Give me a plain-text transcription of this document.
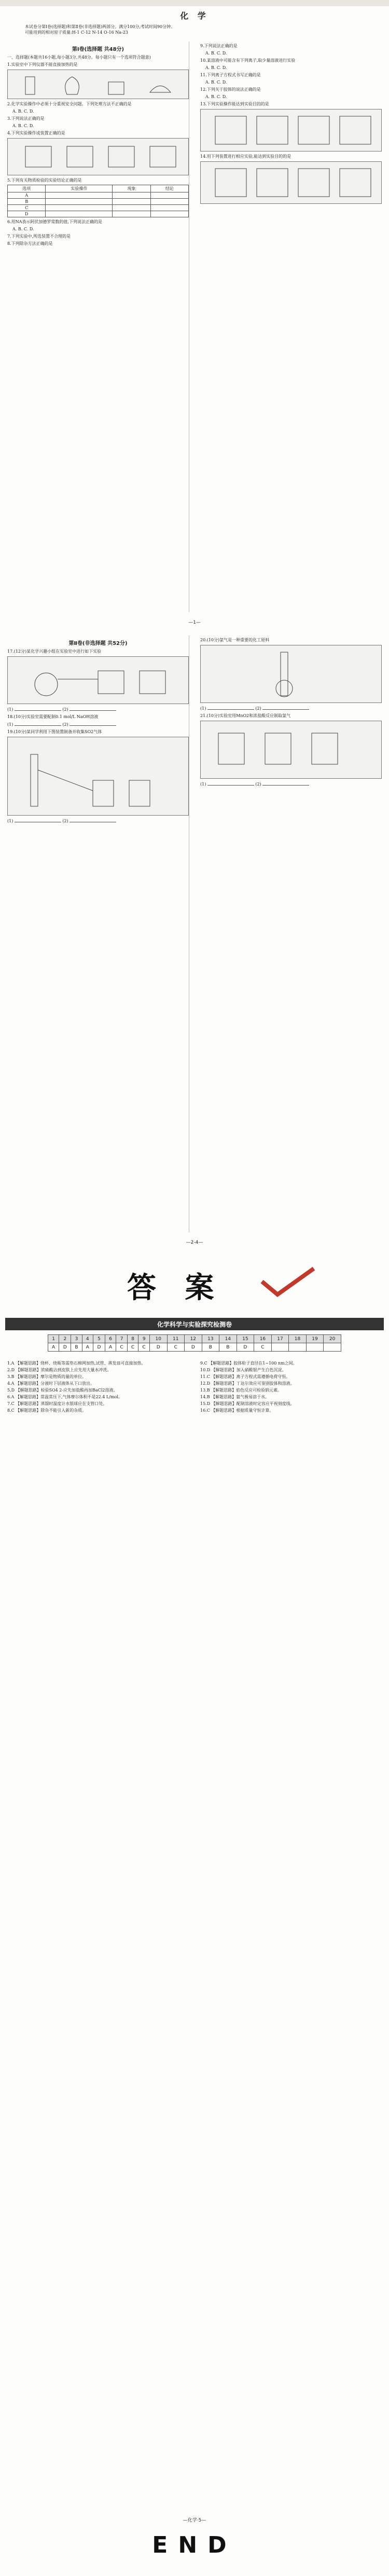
化 学
本试卷分第Ⅰ卷(选择题)和第Ⅱ卷(非选择题)两部分。满分100分,考试时间90分钟。
可能用到的相对原子质量:H-1 C-12 N-14 O-16 Na-23
第Ⅰ卷(选择题 共48分)
一、选择题(本题共16小题,每小题3分,共48分。每小题只有一个选项符合题意)
1.实验室中下列仪器不能直接加热的是
2.化学实验操作中必须十分重视安全问题。下列处理方法不正确的是
A. B. C. D.
3.下列说法正确的是
A. B. C. D.
4.下列实验操作或装置正确的是
5.下列有关物质检验的实验结论正确的是
选项	实验操作	现象	结论
A			
B			
C			
D			
6.用NA表示阿伏加德罗常数的值,下列说法正确的是
A. B. C. D.
7.下列实验中,所选装置不合理的是
8.下列除杂方法正确的是
9.下列说法正确的是
A. B. C. D.
10.某溶液中可能含有下列离子,取少量溶液进行实验
A. B. C. D.
11.下列离子方程式书写正确的是
A. B. C. D.
12.下列关于胶体的说法正确的是
A. B. C. D.
13.下列实验操作能达到实验目的的是
14.用下列装置进行相应实验,能达到实验目的的是
—1—
第Ⅱ卷(非选择题 共52分)
17.(12分)某化学兴趣小组在实验室中进行如下实验
(1)	(2)
18.(10分)实验室需要配制0.1 mol/L NaOH溶液
(1)	(2)
19.(10分)某同学利用下图装置制备并收集SO2气体
(1)	(2)
20.(10分)氯气是一种重要的化工原料
(1)	(2)
21.(10分)实验室用MnO2和浓盐酸反应制取氯气
(1)	(2)
—2-4—
答 案
化学科学与实验探究检测卷
1	2	3	4	5	6	7	8	9	10	11	12	13	14	15	16	17	18	19	20
A	D	B	A	D	A	C	C	C	D	C	D	B	B	D	C				
1.A 【解题思路】烧杯、烧瓶等需垫石棉网加热,试管、蒸发皿可直接加热。
2.D 【解题思路】浓硫酸沾到皮肤上应先用大量水冲洗。
3.B 【解题思路】摩尔是物质的量的单位。
4.A 【解题思路】分液时下层液体从下口放出。
5.D 【解题思路】检验SO4 2-应先加盐酸再加BaCl2溶液。
6.A 【解题思路】常温常压下,气体摩尔体积不是22.4 L/mol。
7.C 【解题思路】蒸馏时温度计水银球应在支管口处。
8.C 【解题思路】除杂不能引入新的杂质。
9.C 【解题思路】胶体粒子直径在1~100 nm之间。
10.D 【解题思路】加入硝酸银产生白色沉淀。
11.C 【解题思路】离子方程式需遵循电荷守恒。
12.D 【解题思路】丁达尔效应可鉴别胶体和溶液。
13.B 【解题思路】焰色反应可检验钠元素。
14.B 【解题思路】氨气极易溶于水。
15.D 【解题思路】配制溶液时定容应平视刻度线。
16.C 【解题思路】根据质量守恒计算。
—化学·5—
END
